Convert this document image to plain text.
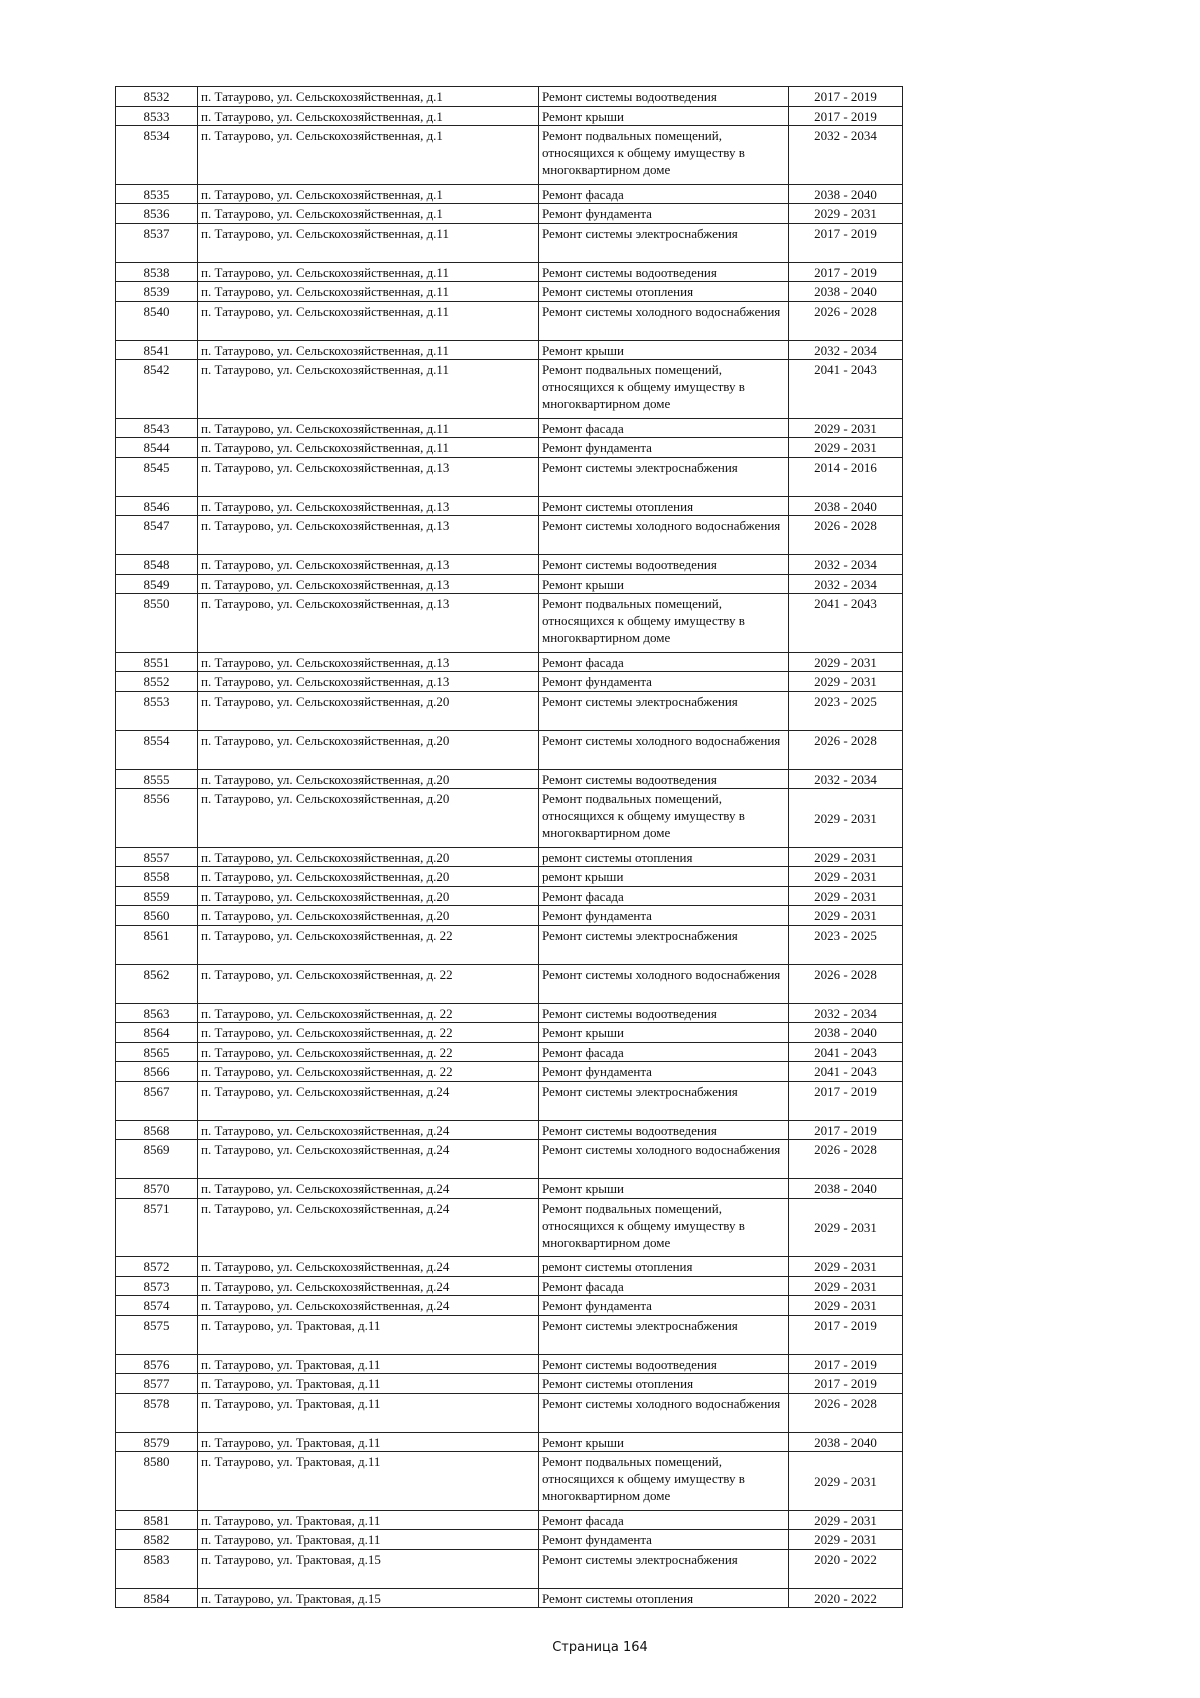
8532	п. Татаурово, ул. Сельскохозяйственная, д.1	Ремонт системы водоотведения	2017 - 2019
8533	п. Татаурово, ул. Сельскохозяйственная, д.1	Ремонт крыши	2017 - 2019
8534	п. Татаурово, ул. Сельскохозяйственная, д.1	Ремонт подвальных помещений, относящихся к общему имуществу в многоквартирном доме	2032 - 2034
8535	п. Татаурово, ул. Сельскохозяйственная, д.1	Ремонт фасада	2038 - 2040
8536	п. Татаурово, ул. Сельскохозяйственная, д.1	Ремонт фундамента	2029 - 2031
8537	п. Татаурово, ул. Сельскохозяйственная, д.11	Ремонт системы электроснабжения	2017 - 2019
8538	п. Татаурово, ул. Сельскохозяйственная, д.11	Ремонт системы водоотведения	2017 - 2019
8539	п. Татаурово, ул. Сельскохозяйственная, д.11	Ремонт системы отопления	2038 - 2040
8540	п. Татаурово, ул. Сельскохозяйственная, д.11	Ремонт системы холодного водоснабжения	2026 - 2028
8541	п. Татаурово, ул. Сельскохозяйственная, д.11	Ремонт крыши	2032 - 2034
8542	п. Татаурово, ул. Сельскохозяйственная, д.11	Ремонт подвальных помещений, относящихся к общему имуществу в многоквартирном доме	2041 - 2043
8543	п. Татаурово, ул. Сельскохозяйственная, д.11	Ремонт фасада	2029 - 2031
8544	п. Татаурово, ул. Сельскохозяйственная, д.11	Ремонт фундамента	2029 - 2031
8545	п. Татаурово, ул. Сельскохозяйственная, д.13	Ремонт системы электроснабжения	2014 - 2016
8546	п. Татаурово, ул. Сельскохозяйственная, д.13	Ремонт системы отопления	2038 - 2040
8547	п. Татаурово, ул. Сельскохозяйственная, д.13	Ремонт системы холодного водоснабжения	2026 - 2028
8548	п. Татаурово, ул. Сельскохозяйственная, д.13	Ремонт системы водоотведения	2032 - 2034
8549	п. Татаурово, ул. Сельскохозяйственная, д.13	Ремонт крыши	2032 - 2034
8550	п. Татаурово, ул. Сельскохозяйственная, д.13	Ремонт подвальных помещений, относящихся к общему имуществу в многоквартирном доме	2041 - 2043
8551	п. Татаурово, ул. Сельскохозяйственная, д.13	Ремонт фасада	2029 - 2031
8552	п. Татаурово, ул. Сельскохозяйственная, д.13	Ремонт фундамента	2029 - 2031
8553	п. Татаурово, ул. Сельскохозяйственная, д.20	Ремонт системы электроснабжения	2023 - 2025
8554	п. Татаурово, ул. Сельскохозяйственная, д.20	Ремонт системы холодного водоснабжения	2026 - 2028
8555	п. Татаурово, ул. Сельскохозяйственная, д.20	Ремонт системы водоотведения	2032 - 2034
8556	п. Татаурово, ул. Сельскохозяйственная, д.20	Ремонт подвальных помещений, относящихся к общему имуществу в многоквартирном доме	2029 - 2031
8557	п. Татаурово, ул. Сельскохозяйственная, д.20	ремонт системы отопления	2029 - 2031
8558	п. Татаурово, ул. Сельскохозяйственная, д.20	ремонт крыши	2029 - 2031
8559	п. Татаурово, ул. Сельскохозяйственная, д.20	Ремонт фасада	2029 - 2031
8560	п. Татаурово, ул. Сельскохозяйственная, д.20	Ремонт фундамента	2029 - 2031
8561	п. Татаурово, ул. Сельскохозяйственная, д. 22	Ремонт системы электроснабжения	2023 - 2025
8562	п. Татаурово, ул. Сельскохозяйственная, д. 22	Ремонт системы холодного водоснабжения	2026 - 2028
8563	п. Татаурово, ул. Сельскохозяйственная, д. 22	Ремонт системы водоотведения	2032 - 2034
8564	п. Татаурово, ул. Сельскохозяйственная, д. 22	Ремонт крыши	2038 - 2040
8565	п. Татаурово, ул. Сельскохозяйственная, д. 22	Ремонт фасада	2041 - 2043
8566	п. Татаурово, ул. Сельскохозяйственная, д. 22	Ремонт фундамента	2041 - 2043
8567	п. Татаурово, ул. Сельскохозяйственная, д.24	Ремонт системы электроснабжения	2017 - 2019
8568	п. Татаурово, ул. Сельскохозяйственная, д.24	Ремонт системы водоотведения	2017 - 2019
8569	п. Татаурово, ул. Сельскохозяйственная, д.24	Ремонт системы холодного водоснабжения	2026 - 2028
8570	п. Татаурово, ул. Сельскохозяйственная, д.24	Ремонт крыши	2038 - 2040
8571	п. Татаурово, ул. Сельскохозяйственная, д.24	Ремонт подвальных помещений, относящихся к общему имуществу в многоквартирном доме	2029 - 2031
8572	п. Татаурово, ул. Сельскохозяйственная, д.24	ремонт системы отопления	2029 - 2031
8573	п. Татаурово, ул. Сельскохозяйственная, д.24	Ремонт фасада	2029 - 2031
8574	п. Татаурово, ул. Сельскохозяйственная, д.24	Ремонт фундамента	2029 - 2031
8575	п. Татаурово, ул. Трактовая, д.11	Ремонт системы электроснабжения	2017 - 2019
8576	п. Татаурово, ул. Трактовая, д.11	Ремонт системы водоотведения	2017 - 2019
8577	п. Татаурово, ул. Трактовая, д.11	Ремонт системы отопления	2017 - 2019
8578	п. Татаурово, ул. Трактовая, д.11	Ремонт системы холодного водоснабжения	2026 - 2028
8579	п. Татаурово, ул. Трактовая, д.11	Ремонт крыши	2038 - 2040
8580	п. Татаурово, ул. Трактовая, д.11	Ремонт подвальных помещений, относящихся к общему имуществу в многоквартирном доме	2029 - 2031
8581	п. Татаурово, ул. Трактовая, д.11	Ремонт фасада	2029 - 2031
8582	п. Татаурово, ул. Трактовая, д.11	Ремонт фундамента	2029 - 2031
8583	п. Татаурово, ул. Трактовая, д.15	Ремонт системы электроснабжения	2020 - 2022
8584	п. Татаурово, ул. Трактовая, д.15	Ремонт системы отопления	2020 - 2022
Страница 164
